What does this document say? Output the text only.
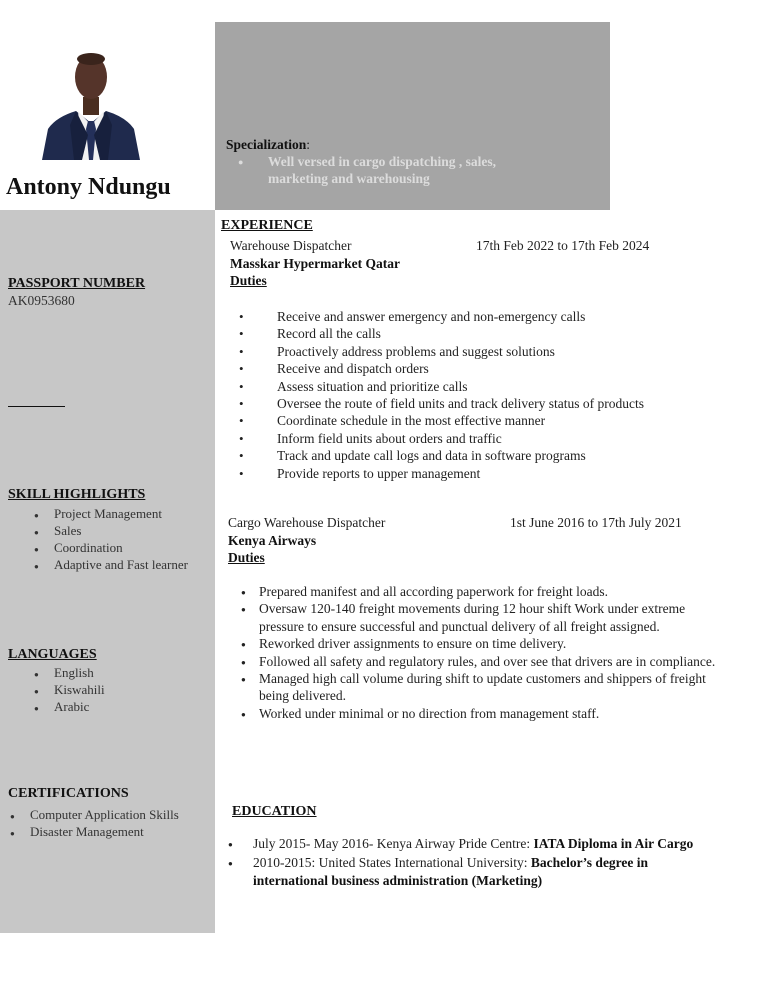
Antony Ndungu
Specialization:
● Well versed in cargo dispatching , sales, marketing and warehousing
PASSPORT NUMBER
AK0953680
SKILL HIGHLIGHTS
● Project Management
● Sales
● Coordination
● Adaptive and Fast learner
LANGUAGES
● English
● Kiswahili
● Arabic
CERTIFICATIONS
● Computer Application Skills
● Disaster Management
EXPERIENCE
Warehouse Dispatcher	17th Feb 2022 to 17th Feb 2024
Masskar Hypermarket Qatar
Duties
• Receive and answer emergency and non-emergency calls
• Record all the calls
• Proactively address problems and suggest solutions
• Receive and dispatch orders
• Assess situation and prioritize calls
• Oversee the route of field units and track delivery status of products
• Coordinate schedule in the most effective manner
• Inform field units about orders and traffic
• Track and update call logs and data in software programs
• Provide reports to upper management
Cargo Warehouse Dispatcher	1st June 2016 to 17th July 2021
Kenya Airways
Duties
● Prepared manifest and all according paperwork for freight loads.
● Oversaw 120-140 freight movements during 12 hour shift Work under extreme pressure to ensure successful and punctual delivery of all freight assigned.
● Reworked driver assignments to ensure on time delivery.
● Followed all safety and regulatory rules, and over see that drivers are in compliance.
● Managed high call volume during shift to update customers and shippers of freight being delivered.
● Worked under minimal or no direction from management staff.
EDUCATION
● July 2015- May 2016- Kenya Airway Pride Centre: IATA Diploma in Air Cargo
● 2010-2015: United States International University: Bachelor’s degree in international business administration (Marketing)
